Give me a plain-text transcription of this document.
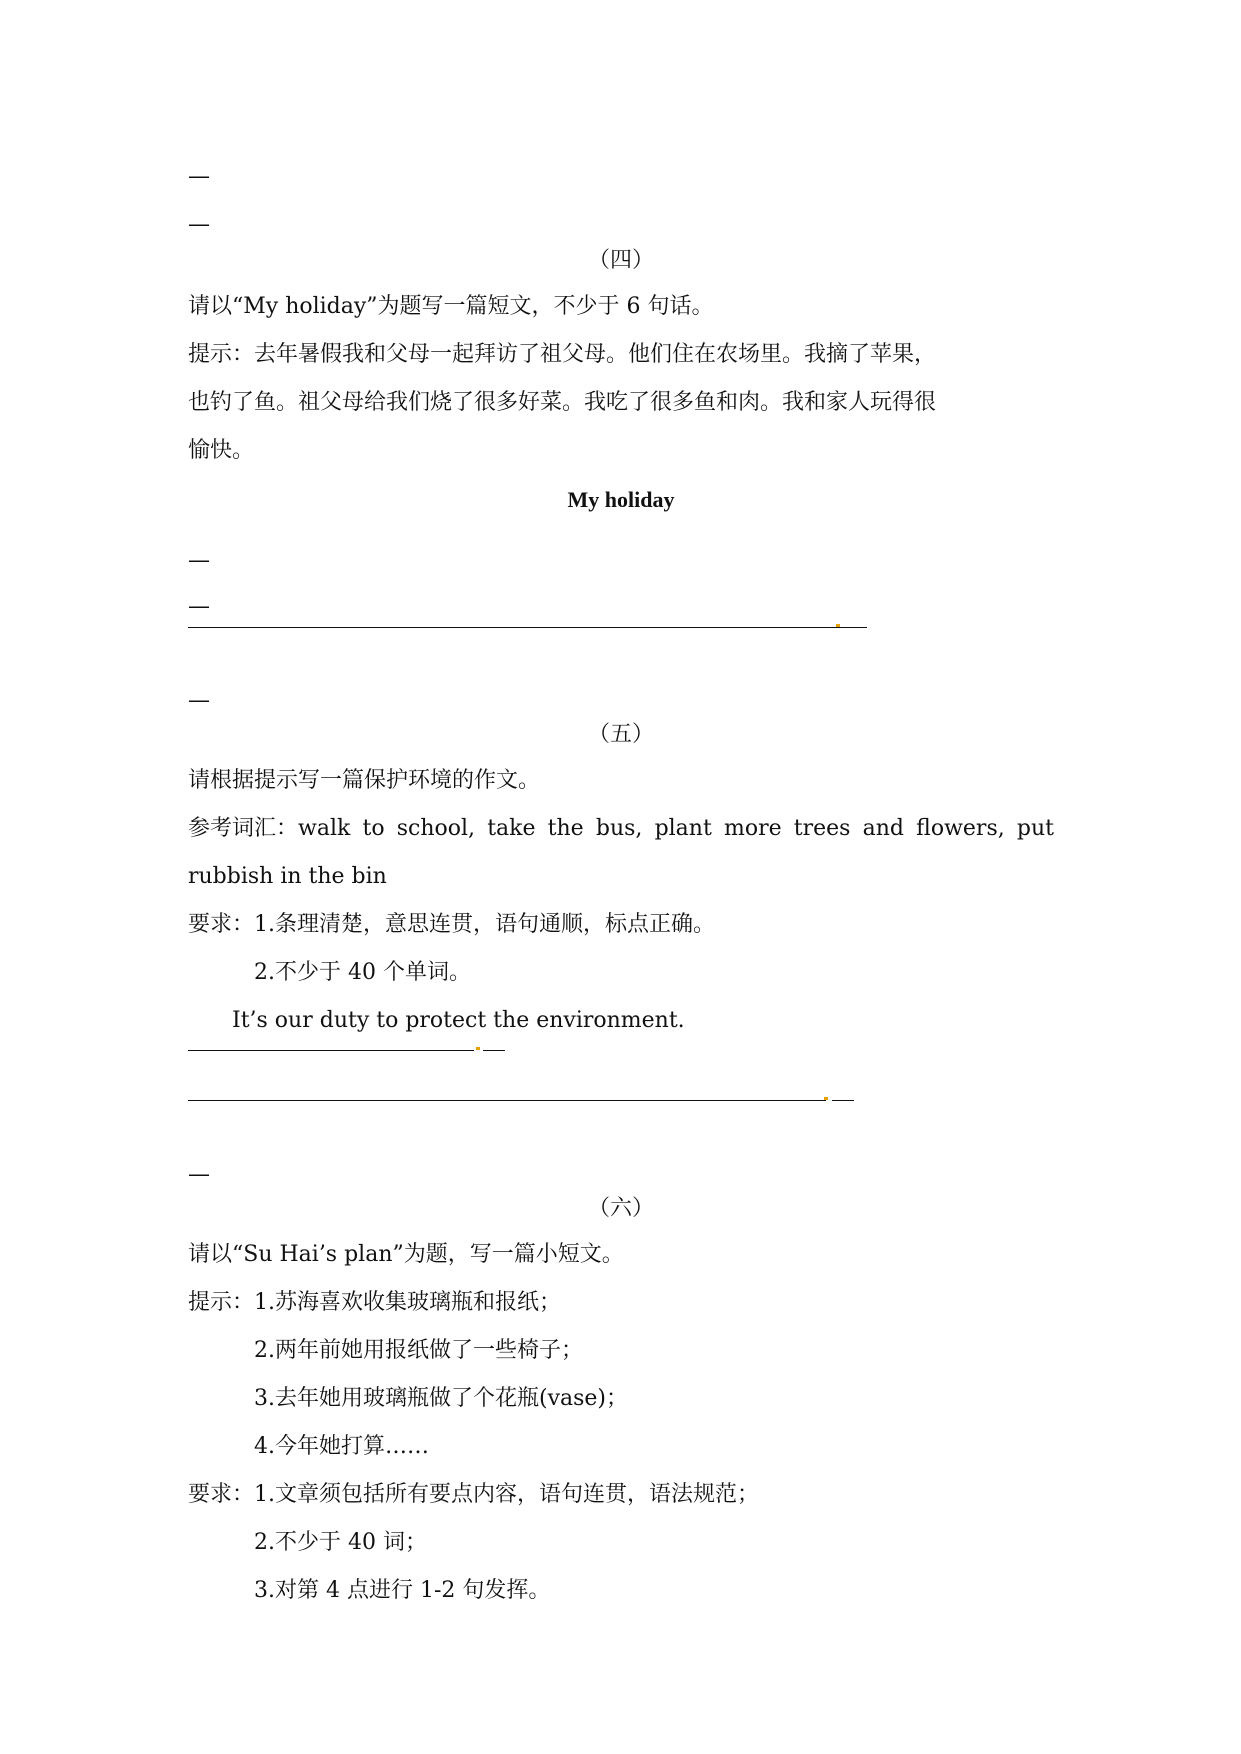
—
—
（四）
请以“My holiday”为题写一篇短文，不少于 6 句话。
提示：去年暑假我和父母一起拜访了祖父母。他们住在农场里。我摘了苹果，
也钓了鱼。祖父母给我们烧了很多好菜。我吃了很多鱼和肉。我和家人玩得很
愉快。
My holiday
—
—
—
（五）
请根据提示写一篇保护环境的作文。
参考词汇：walk to school, take the bus, plant more trees and flowers, put
rubbish in the bin
要求：1.条理清楚，意思连贯，语句通顺，标点正确。
2.不少于 40 个单词。
It’s our duty to protect the environment.
—
（六）
请以“Su Hai’s plan”为题，写一篇小短文。
提示：1.苏海喜欢收集玻璃瓶和报纸；
2.两年前她用报纸做了一些椅子；
3.去年她用玻璃瓶做了个花瓶(vase)；
4.今年她打算……
要求：1.文章须包括所有要点内容，语句连贯，语法规范；
2.不少于 40 词；
3.对第 4 点进行 1-2 句发挥。
